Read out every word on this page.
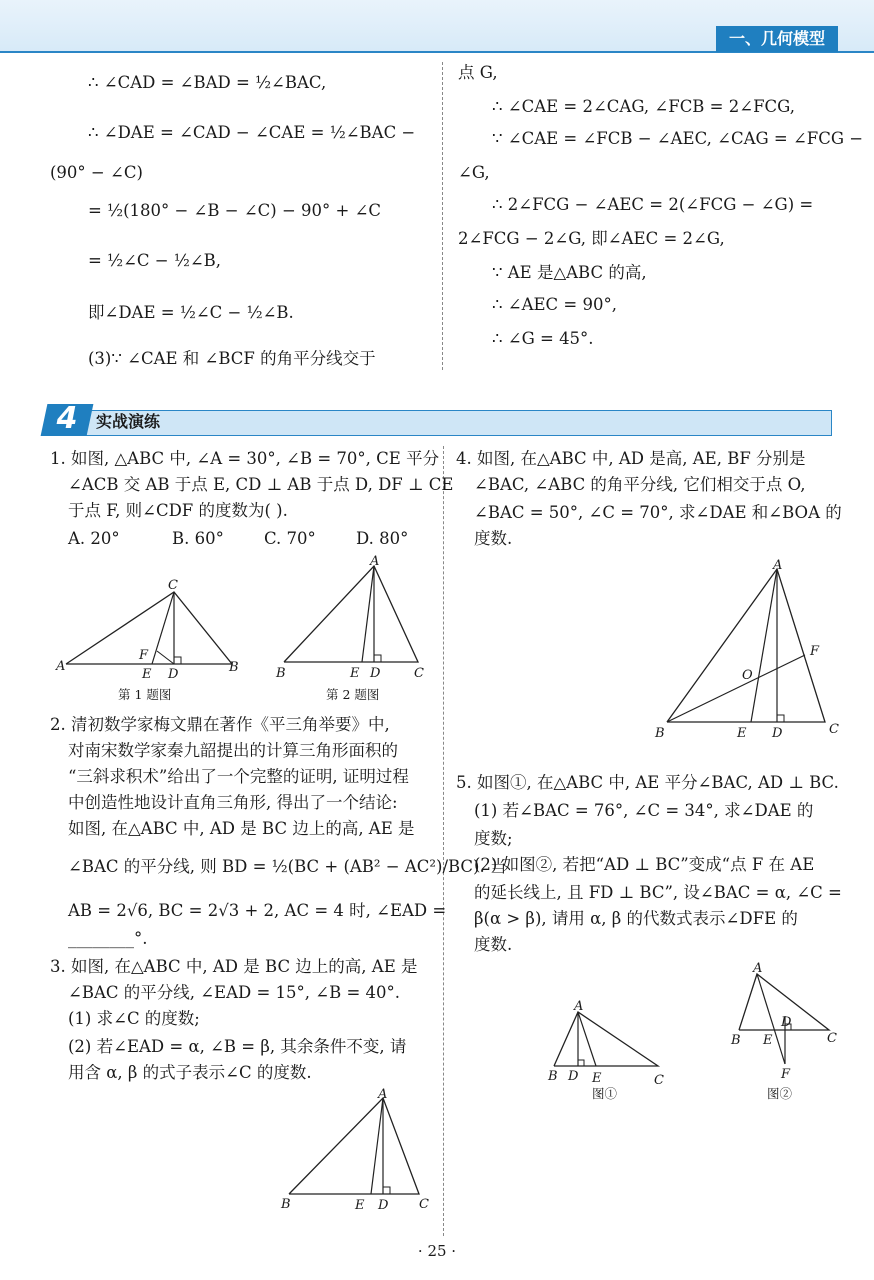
一、几何模型
∴ ∠CAD = ∠BAD = ½∠BAC,
∴ ∠DAE = ∠CAD − ∠CAE = ½∠BAC −
(90° − ∠C)
= ½(180° − ∠B − ∠C) − 90° + ∠C
= ½∠C − ½∠B,
即∠DAE = ½∠C − ½∠B.
(3)∵ ∠CAE 和 ∠BCF 的角平分线交于
点 G,
∴ ∠CAE = 2∠CAG, ∠FCB = 2∠FCG,
∵ ∠CAE = ∠FCB − ∠AEC, ∠CAG = ∠FCG −
∠G,
∴ 2∠FCG − ∠AEC = 2(∠FCG − ∠G) =
2∠FCG − 2∠G, 即∠AEC = 2∠G,
∵ AE 是△ABC 的高,
∴ ∠AEC = 90°,
∴ ∠G = 45°.
4	实战演练
1. 如图, △ABC 中, ∠A = 30°, ∠B = 70°, CE 平分
∠ACB 交 AB 于点 E, CD ⊥ AB 于点 D, DF ⊥ CE
于点 F, 则∠CDF 的度数为( ).
A. 20°	B. 60° C. 70° D. 80°
A
C
B
F
E D
第 1 题图
A
B	E D	C
第 2 题图
2. 清初数学家梅文鼎在著作《平三角举要》中,
对南宋数学家秦九韶提出的计算三角形面积的
“三斜求积术”给出了一个完整的证明, 证明过程
中创造性地设计直角三角形, 得出了一个结论:
如图, 在△ABC 中, AD 是 BC 边上的高, AE 是
∠BAC 的平分线, 则 BD = ½(BC + (AB² − AC²)/BC). 当
AB = 2√6, BC = 2√3 + 2, AC = 4 时, ∠EAD =
________°.
3. 如图, 在△ABC 中, AD 是 BC 边上的高, AE 是
∠BAC 的平分线, ∠EAD = 15°, ∠B = 40°.
(1) 求∠C 的度数;
(2) 若∠EAD = α, ∠B = β, 其余条件不变, 请
用含 α, β 的式子表示∠C 的度数.
A
B	E D C
4. 如图, 在△ABC 中, AD 是高, AE, BF 分别是
∠BAC, ∠ABC 的角平分线, 它们相交于点 O,
∠BAC = 50°, ∠C = 70°, 求∠DAE 和∠BOA 的
度数.
A
B	E D	C
F
O
5. 如图①, 在△ABC 中, AE 平分∠BAC, AD ⊥ BC.
(1) 若∠BAC = 76°, ∠C = 34°, 求∠DAE 的
度数;
(2) 如图②, 若把“AD ⊥ BC”变成“点 F 在 AE
的延长线上, 且 FD ⊥ BC”, 设∠BAC = α, ∠C =
β(α > β), 请用 α, β 的代数式表示∠DFE 的
度数.
A
B D E	C
图①
A
B E
D
C
F
图②
· 25 ·
